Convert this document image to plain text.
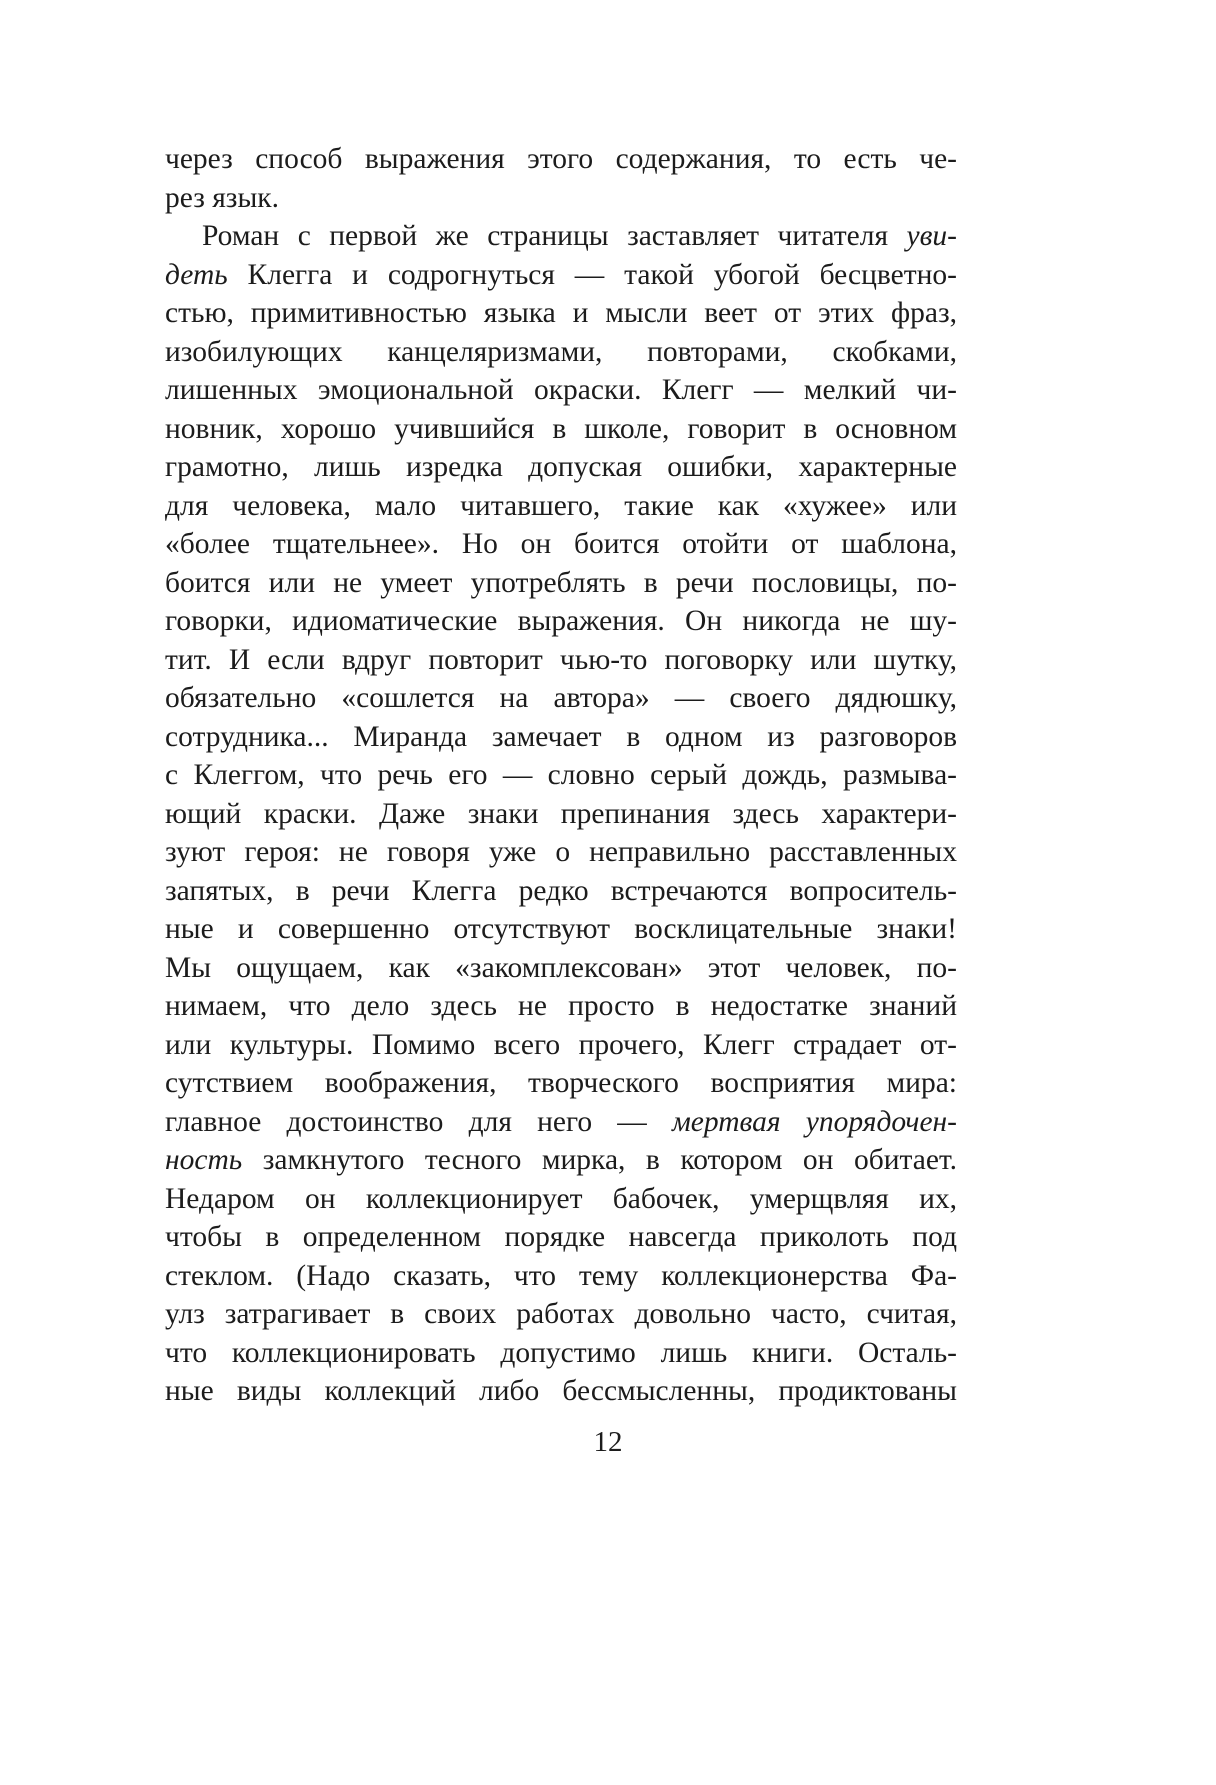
через способ выражения этого содержания, то есть че-
рез язык.
Роман с первой же страницы заставляет читателя уви-
деть Клегга и содрогнуться — такой убогой бесцветно-
стью, примитивностью языка и мысли веет от этих фраз,
изобилующих канцеляризмами, повторами, скобками,
лишенных эмоциональной окраски. Клегг — мелкий чи-
новник, хорошо учившийся в школе, говорит в основном
грамотно, лишь изредка допуская ошибки, характерные
для человека, мало читавшего, такие как «хужее» или
«более тщательнее». Но он боится отойти от шаблона,
боится или не умеет употреблять в речи пословицы, по-
говорки, идиоматические выражения. Он никогда не шу-
тит. И если вдруг повторит чью-то поговорку или шутку,
обязательно «сошлется на автора» — своего дядюшку,
сотрудника... Миранда замечает в одном из разговоров
с Клеггом, что речь его — словно серый дождь, размыва-
ющий краски. Даже знаки препинания здесь характери-
зуют героя: не говоря уже о неправильно расставленных
запятых, в речи Клегга редко встречаются вопроситель-
ные и совершенно отсутствуют восклицательные знаки!
Мы ощущаем, как «закомплексован» этот человек, по-
нимаем, что дело здесь не просто в недостатке знаний
или культуры. Помимо всего прочего, Клегг страдает от-
сутствием воображения, творческого восприятия мира:
главное достоинство для него — мертвая упорядочен-
ность замкнутого тесного мирка, в котором он обитает.
Недаром он коллекционирует бабочек, умерщвляя их,
чтобы в определенном порядке навсегда приколоть под
стеклом. (Надо сказать, что тему коллекционерства Фа-
улз затрагивает в своих работах довольно часто, считая,
что коллекционировать допустимо лишь книги. Осталь-
ные виды коллекций либо бессмысленны, продиктованы
12
